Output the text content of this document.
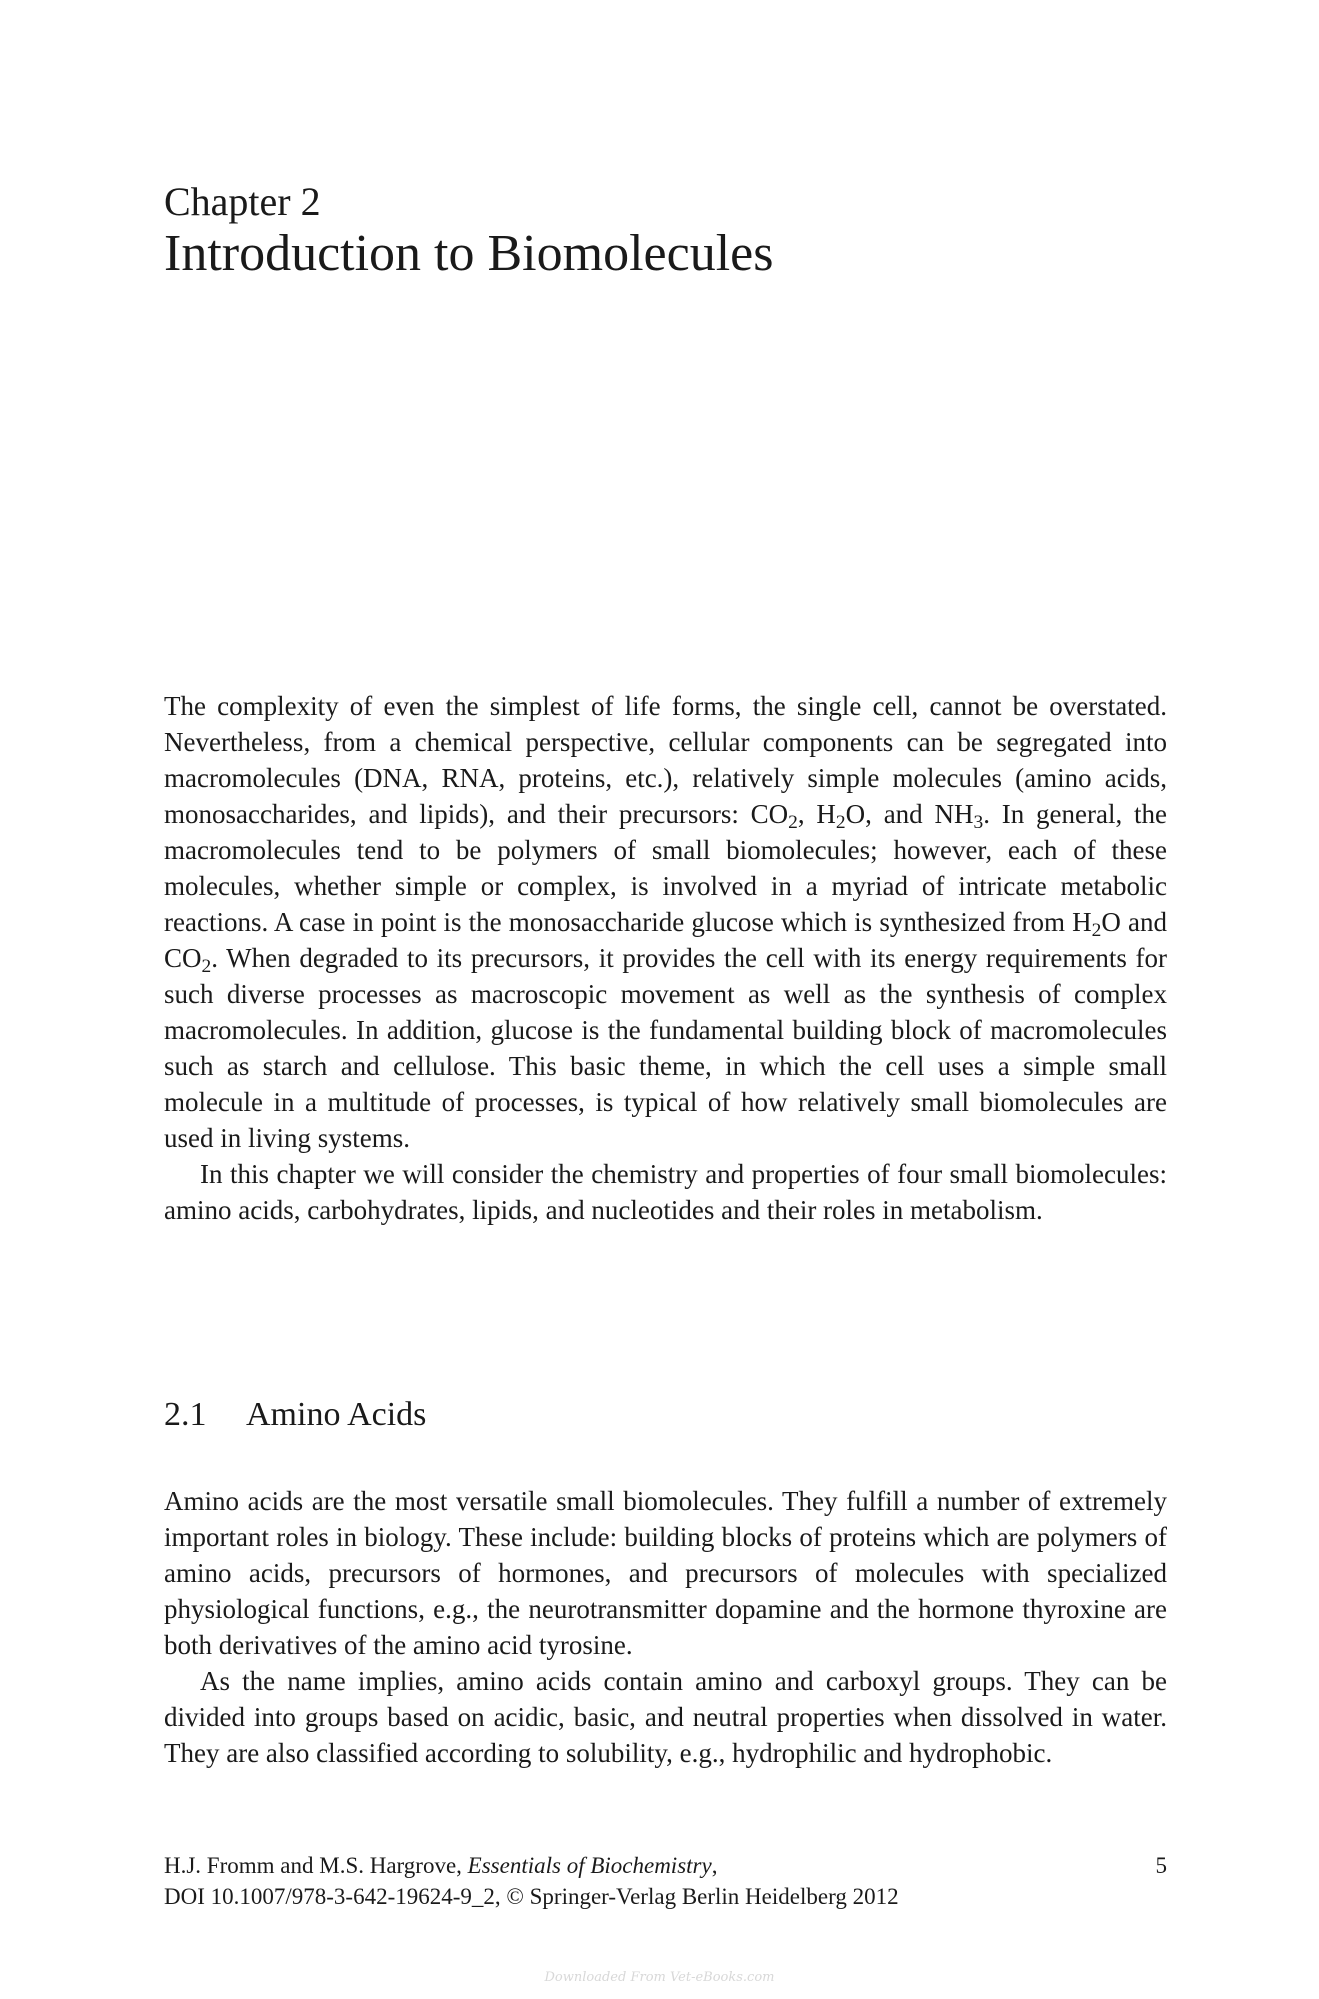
Chapter 2
Introduction to Biomolecules

The complexity of even the simplest of life forms, the single cell, cannot be overstated. Nevertheless, from a chemical perspective, cellular components can be segregated into macromolecules (DNA, RNA, proteins, etc.), relatively simple molecules (amino acids, monosaccharides, and lipids), and their precursors: $CO_2$, $H_2O$, and $NH_3$. In general, the macromolecules tend to be polymers of small biomolecules; however, each of these molecules, whether simple or complex, is involved in a myriad of intricate metabolic reactions. A case in point is the monosaccharide glucose which is synthesized from $H_2O$ and $CO_2$. When degraded to its precursors, it provides the cell with its energy requirements for such diverse processes as macroscopic movement as well as the synthesis of complex macromolecules. In addition, glucose is the fundamental building block of macromolecules such as starch and cellulose. This basic theme, in which the cell uses a simple small molecule in a multitude of processes, is typical of how relatively small biomolecules are used in living systems.

In this chapter we will consider the chemistry and properties of four small biomolecules: amino acids, carbohydrates, lipids, and nucleotides and their roles in metabolism.

2.1 Amino Acids

Amino acids are the most versatile small biomolecules. They fulfill a number of extremely important roles in biology. These include: building blocks of proteins which are polymers of amino acids, precursors of hormones, and precursors of molecules with specialized physiological functions, e.g., the neurotransmitter dopamine and the hormone thyroxine are both derivatives of the amino acid tyrosine.

As the name implies, amino acids contain amino and carboxyl groups. They can be divided into groups based on acidic, basic, and neutral properties when dissolved in water. They are also classified according to solubility, e.g., hydrophilic and hydrophobic.

H.J. Fromm and M.S. Hargrove, Essentials of Biochemistry,
DOI 10.1007/978-3-642-19624-9_2, © Springer-Verlag Berlin Heidelberg 2012
5
Downloaded From Vet-eBooks.com
